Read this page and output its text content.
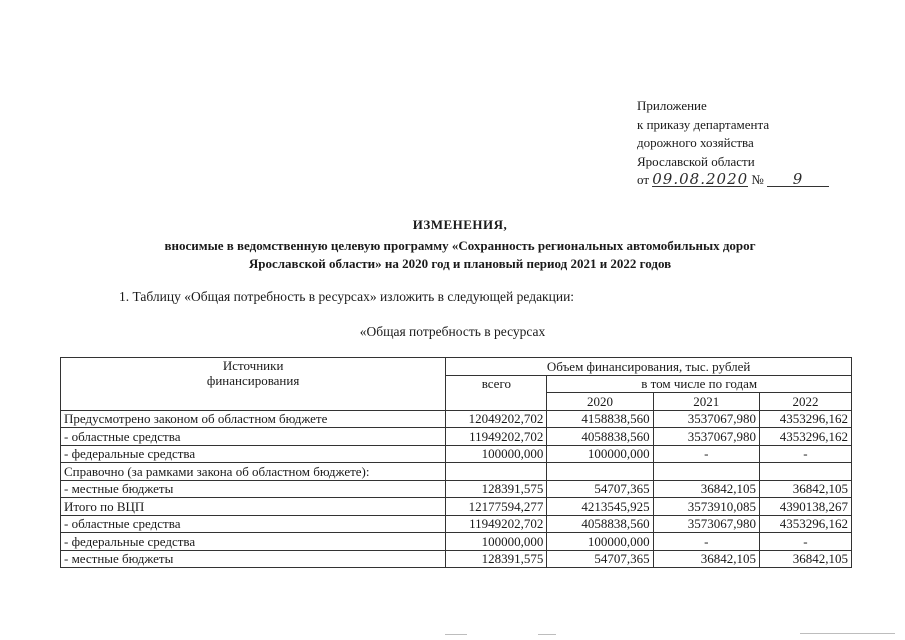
Приложение
к приказу департамента
дорожного хозяйства
Ярославской области
от 09.08.2020 № 9
ИЗМЕНЕНИЯ,
вносимые в ведомственную целевую программу «Сохранность региональных автомобильных дорог
Ярославской области» на 2020 год и плановый период 2021 и 2022 годов
1. Таблицу «Общая потребность в ресурсах» изложить в следующей редакции:
«Общая потребность в ресурсах
Источники
финансирования	Объем финансирования, тыс. рублей			
	всего	в том числе по годам		
		2020	2021	2022
Предусмотрено законом об областном бюджете	12049202,702	4158838,560	3537067,980	4353296,162
- областные средства	11949202,702	4058838,560	3537067,980	4353296,162
- федеральные средства	100000,000	100000,000	-	-
Справочно (за рамками закона об областном бюджете):				
- местные бюджеты	128391,575	54707,365	36842,105	36842,105
Итого по ВЦП	12177594,277	4213545,925	3573910,085	4390138,267
- областные средства	11949202,702	4058838,560	3573067,980	4353296,162
- федеральные средства	100000,000	100000,000	-	-
- местные бюджеты	128391,575	54707,365	36842,105	36842,105
